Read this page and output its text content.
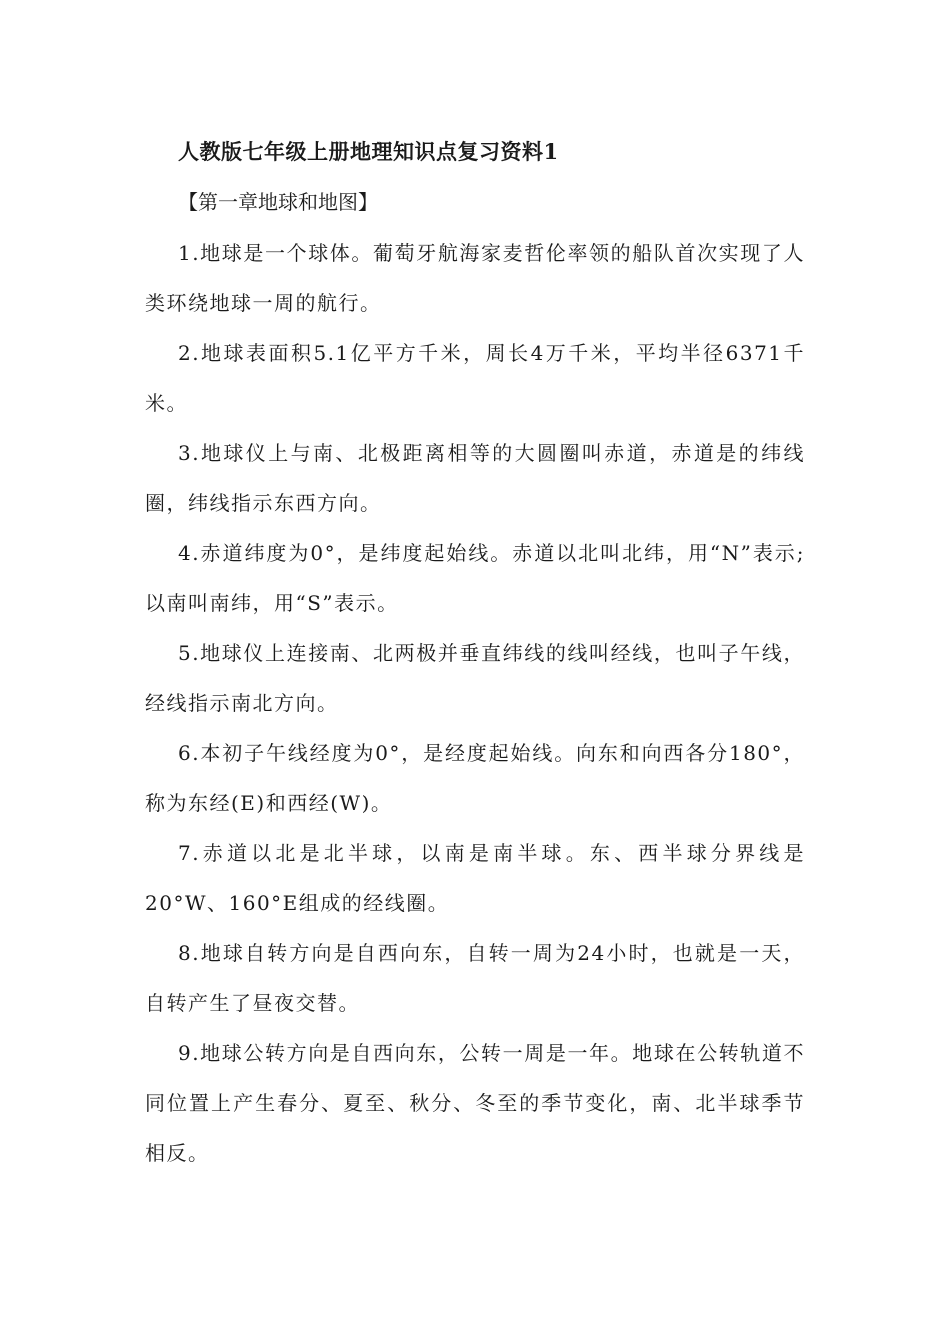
人教版七年级上册地理知识点复习资料1
【第一章地球和地图】

1.地球是一个球体。葡萄牙航海家麦哲伦率领的船队首次实现了人类环绕地球一周的航行。

2.地球表面积5.1亿平方千米，周长4万千米，平均半径6371千米。

3.地球仪上与南、北极距离相等的大圆圈叫赤道，赤道是的纬线圈，纬线指示东西方向。

4.赤道纬度为0°，是纬度起始线。赤道以北叫北纬，用“N”表示;以南叫南纬，用“S”表示。

5.地球仪上连接南、北两极并垂直纬线的线叫经线，也叫子午线，经线指示南北方向。

6.本初子午线经度为0°，是经度起始线。向东和向西各分180°，称为东经(E)和西经(W)。

7.赤道以北是北半球，以南是南半球。东、西半球分界线是20°W、160°E组成的经线圈。

8.地球自转方向是自西向东，自转一周为24小时，也就是一天，自转产生了昼夜交替。

9.地球公转方向是自西向东，公转一周是一年。地球在公转轨道不同位置上产生春分、夏至、秋分、冬至的季节变化，南、北半球季节相反。
